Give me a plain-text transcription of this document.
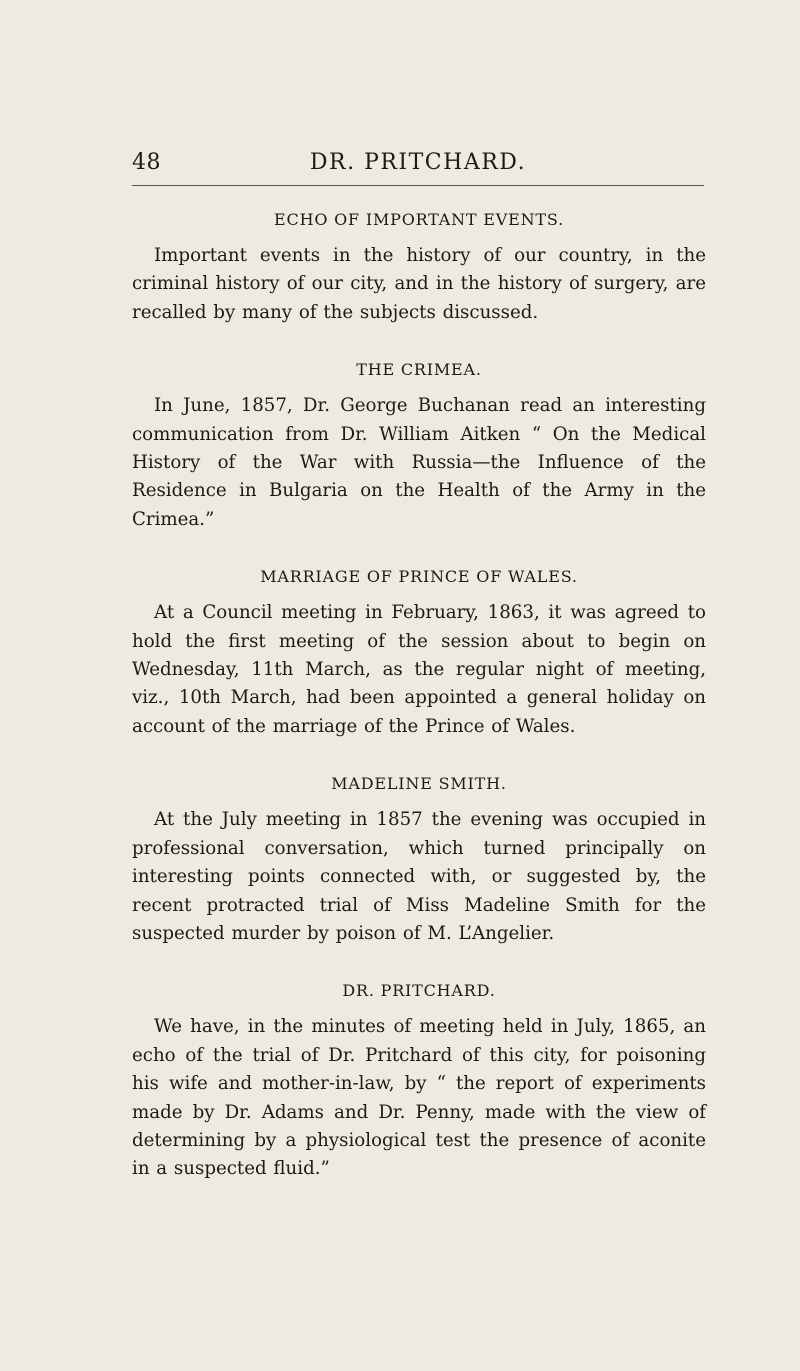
48	DR. PRITCHARD.
ECHO OF IMPORTANT EVENTS.

Important events in the history of our country, in the criminal history of our city, and in the history of surgery, are recalled by many of the subjects discussed.

THE CRIMEA.

In June, 1857, Dr. George Buchanan read an interesting communication from Dr. William Aitken “ On the Medical History of the War with Russia—the Influence of the Residence in Bulgaria on the Health of the Army in the Crimea.”

MARRIAGE OF PRINCE OF WALES.

At a Council meeting in February, 1863, it was agreed to hold the first meeting of the session about to begin on Wednesday, 11th March, as the regular night of meeting, viz., 10th March, had been appointed a general holiday on account of the marriage of the Prince of Wales.

MADELINE SMITH.

At the July meeting in 1857 the evening was occupied in professional conversation, which turned principally on interesting points connected with, or suggested by, the recent protracted trial of Miss Madeline Smith for the suspected murder by poison of M. L’Angelier.

DR. PRITCHARD.

We have, in the minutes of meeting held in July, 1865, an echo of the trial of Dr. Pritchard of this city, for poisoning his wife and mother-in-law, by “ the report of experiments made by Dr. Adams and Dr. Penny, made with the view of determining by a physiological test the presence of aconite in a suspected fluid.”
